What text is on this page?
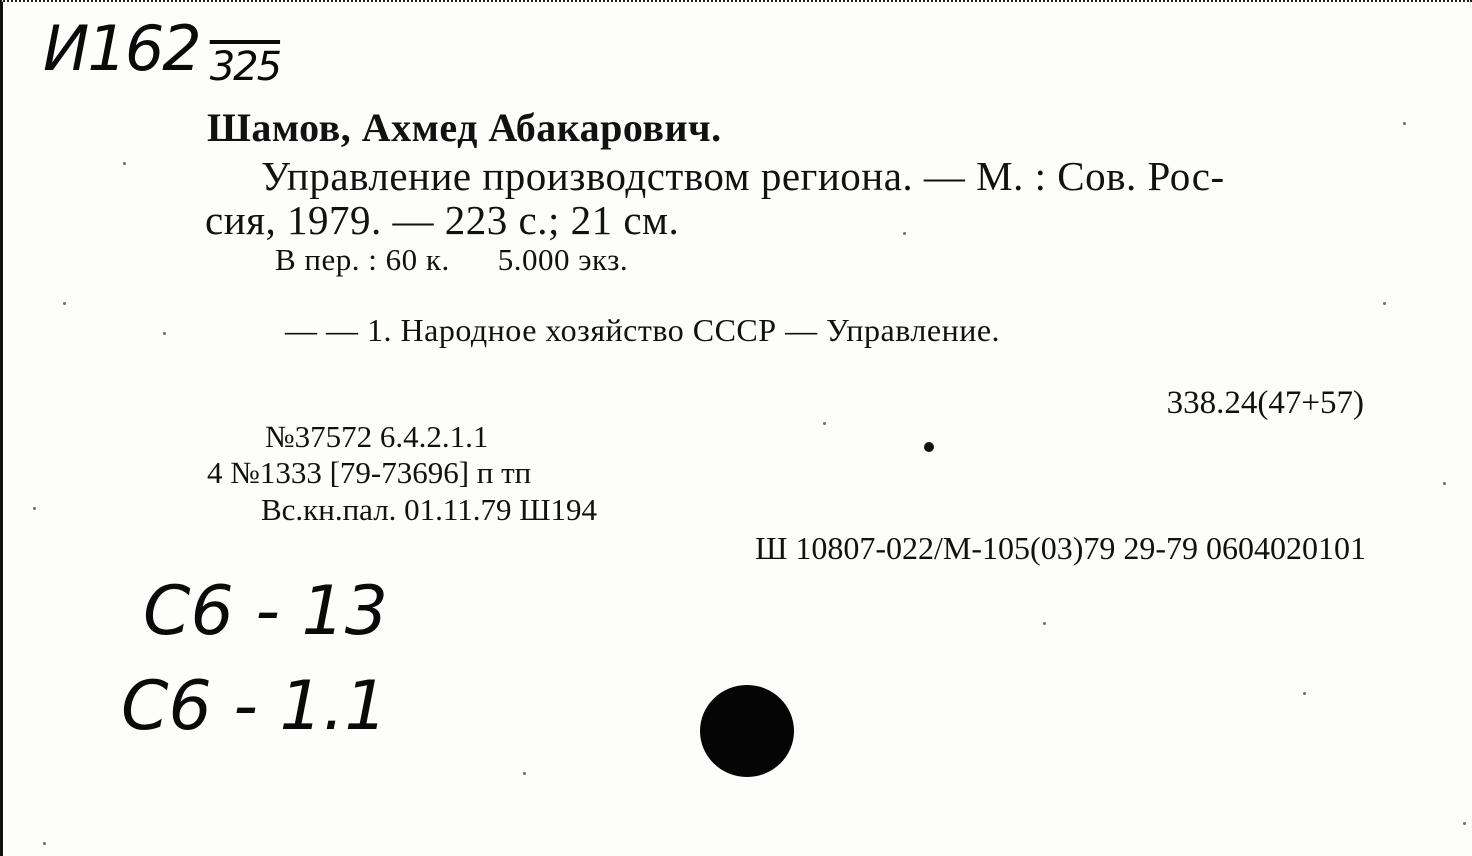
И162 $_{325}$
Шамов, Ахмед Абакарович.
Управление производством региона. — М. : Сов. Рос-
сия, 1979. — 223 с.; 21 см.
В пер. : 60 к. 5.000 экз.
— — 1. Народное хозяйство СССР — Управление.
338.24(47+57)
№37572 6.4.2.1.1
4 №1333 [79-73696] п тп
Вс.кн.пал. 01.11.79 Ш194
Ш 10807-022/М-105(03)79 29-79 0604020101
С6 - 13
С6 - 1.1
